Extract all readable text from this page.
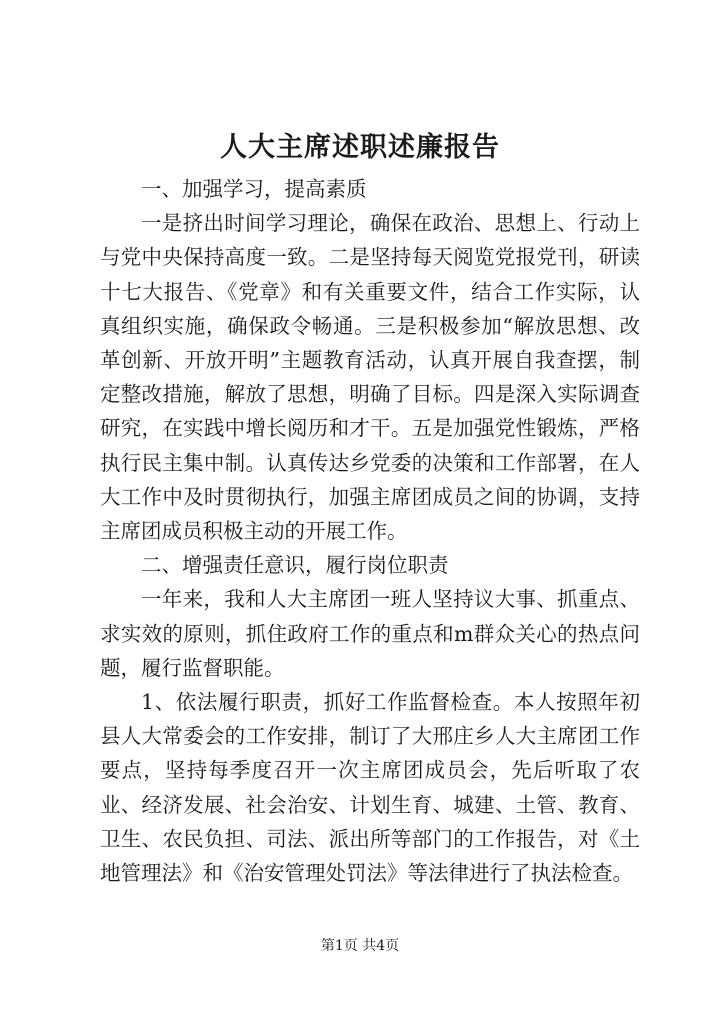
人大主席述职述廉报告

一、加强学习，提高素质

一是挤出时间学习理论，确保在政治、思想上、行动上与党中央保持高度一致。二是坚持每天阅览党报党刊，研读十七大报告、《党章》和有关重要文件，结合工作实际，认真组织实施，确保政令畅通。三是积极参加“解放思想、改革创新、开放开明”主题教育活动，认真开展自我查摆，制定整改措施，解放了思想，明确了目标。四是深入实际调查研究，在实践中增长阅历和才干。五是加强党性锻炼，严格执行民主集中制。认真传达乡党委的决策和工作部署，在人大工作中及时贯彻执行，加强主席团成员之间的协调，支持主席团成员积极主动的开展工作。

二、增强责任意识，履行岗位职责

一年来，我和人大主席团一班人坚持议大事、抓重点、求实效的原则，抓住政府工作的重点和m群众关心的热点问题，履行监督职能。

1、依法履行职责，抓好工作监督检查。本人按照年初县人大常委会的工作安排，制订了大邢庄乡人大主席团工作要点，坚持每季度召开一次主席团成员会，先后听取了农业、经济发展、社会治安、计划生育、城建、土管、教育、卫生、农民负担、司法、派出所等部门的工作报告，对《土地管理法》和《治安管理处罚法》等法律进行了执法检查。

第1页 共4页
